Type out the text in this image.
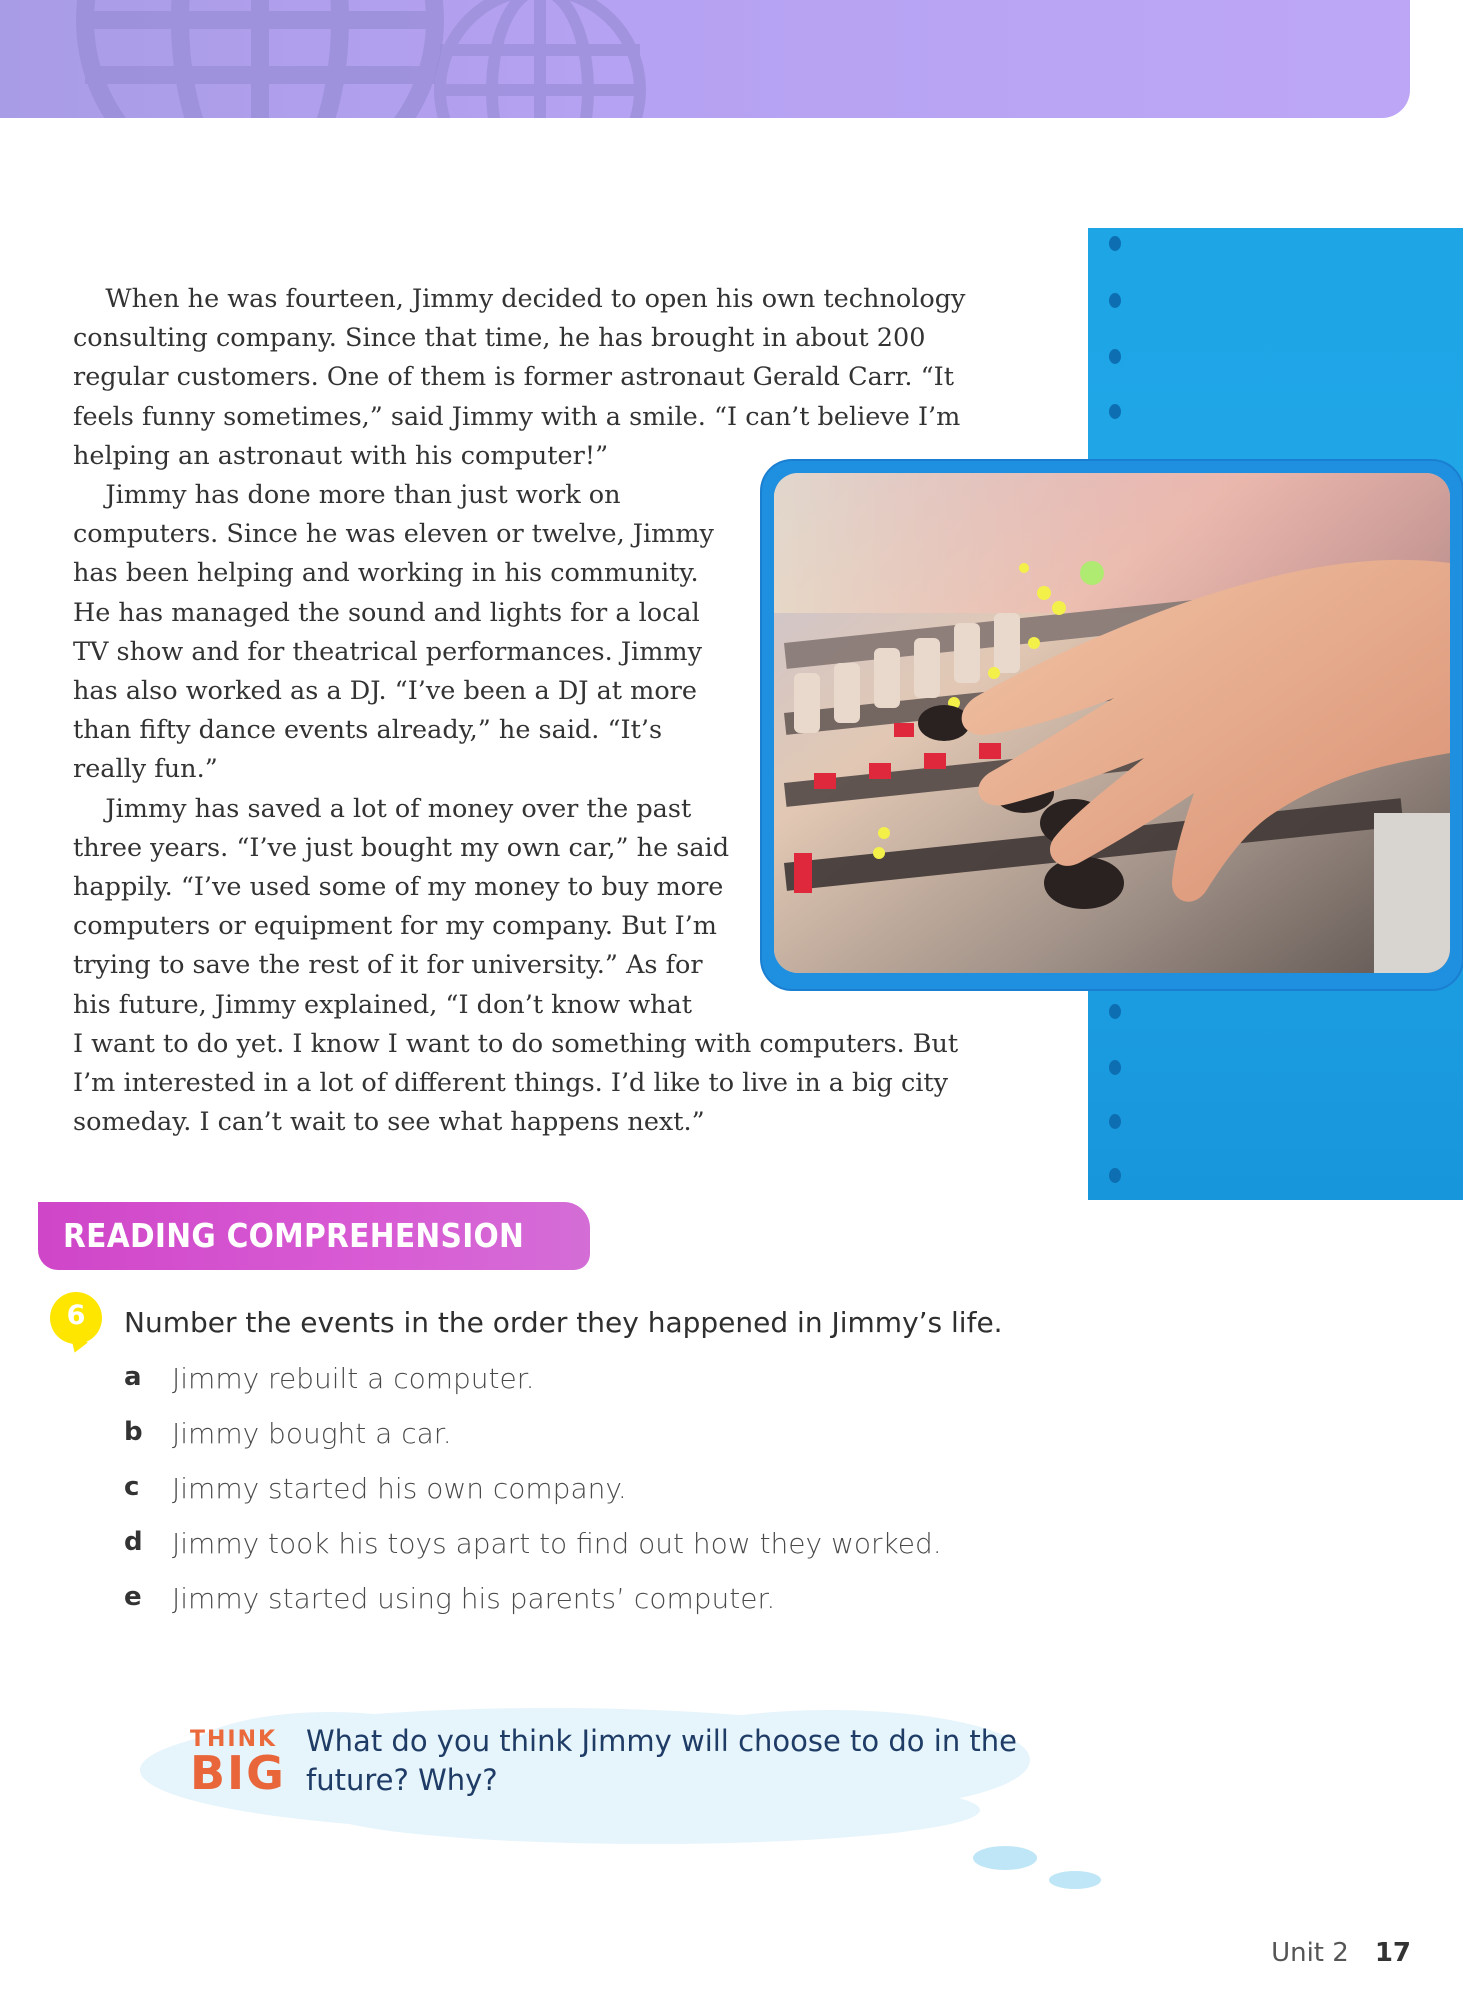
When he was fourteen, Jimmy decided to open his own technology
consulting company. Since that time, he has brought in about 200
regular customers. One of them is former astronaut Gerald Carr. “It
feels funny sometimes,” said Jimmy with a smile. “I can’t believe I’m
helping an astronaut with his computer!”
Jimmy has done more than just work on
computers. Since he was eleven or twelve, Jimmy
has been helping and working in his community.
He has managed the sound and lights for a local
TV show and for theatrical performances. Jimmy
has also worked as a DJ. “I’ve been a DJ at more
than fifty dance events already,” he said. “It’s
really fun.”
Jimmy has saved a lot of money over the past
three years. “I’ve just bought my own car,” he said
happily. “I’ve used some of my money to buy more
computers or equipment for my company. But I’m
trying to save the rest of it for university.” As for
his future, Jimmy explained, “I don’t know what
I want to do yet. I know I want to do something with computers. But
I’m interested in a lot of different things. I’d like to live in a big city
someday. I can’t wait to see what happens next.”
READING COMPREHENSION
6	Number the events in the order they happened in Jimmy’s life.
a	Jimmy rebuilt a computer.
b	Jimmy bought a car.
c	Jimmy started his own company.
d	Jimmy took his toys apart to find out how they worked.
e	Jimmy started using his parents’ computer.
THINK
BIG
What do you think Jimmy will choose to do in the
future? Why?
Unit 2 17
